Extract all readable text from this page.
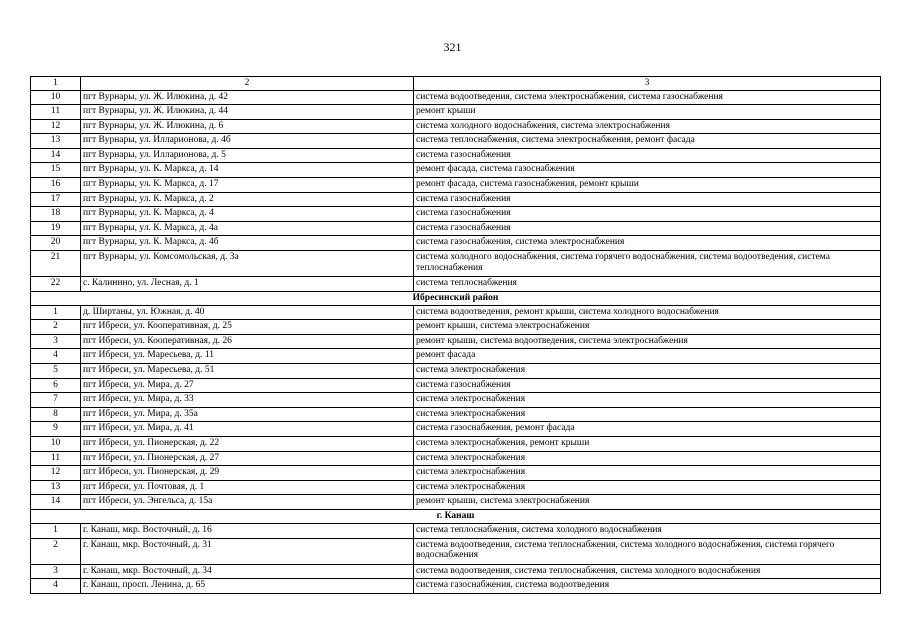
321
1	2	3
10	пгт Вурнары, ул. Ж. Илюкина, д. 42	система водоотведения, система электроснабжения, система газоснабжения
11	пгт Вурнары, ул. Ж. Илюкина, д. 44	ремонт крыши
12	пгт Вурнары, ул. Ж. Илюкина, д. 6	система холодного водоснабжения, система электроснабжения
13	пгт Вурнары, ул. Илларионова, д. 4б	система теплоснабжения, система электроснабжения, ремонт фасада
14	пгт Вурнары, ул. Илларионова, д. 5	система газоснабжения
15	пгт Вурнары, ул. К. Маркса, д. 14	ремонт фасада, система газоснабжения
16	пгт Вурнары, ул. К. Маркса, д. 17	ремонт фасада, система газоснабжения, ремонт крыши
17	пгт Вурнары, ул. К. Маркса, д. 2	система газоснабжения
18	пгт Вурнары, ул. К. Маркса, д. 4	система газоснабжения
19	пгт Вурнары, ул. К. Маркса, д. 4а	система газоснабжения
20	пгт Вурнары, ул. К. Маркса, д. 4б	система газоснабжения, система электроснабжения
21	пгт Вурнары, ул. Комсомольская, д. 3а	система холодного водоснабжения, система горячего водоснабжения, система водоотведения, система теплоснабжения
22	с. Калинино, ул. Лесная, д. 1	система теплоснабжения
Ибресинский район		
1	д. Ширтаны, ул. Южная, д. 40	система водоотведения, ремонт крыши, система холодного водоснабжения
2	пгт Ибреси, ул. Кооперативная, д. 25	ремонт крыши, система электроснабжения
3	пгт Ибреси, ул. Кооперативная, д. 26	ремонт крыши, система водоотведения, система электроснабжения
4	пгт Ибреси, ул. Маресьева, д. 11	ремонт фасада
5	пгт Ибреси, ул. Маресьева, д. 51	система электроснабжения
6	пгт Ибреси, ул. Мира, д. 27	система газоснабжения
7	пгт Ибреси, ул. Мира, д. 33	система электроснабжения
8	пгт Ибреси, ул. Мира, д. 35а	система электроснабжения
9	пгт Ибреси, ул. Мира, д. 41	система газоснабжения, ремонт фасада
10	пгт Ибреси, ул. Пионерская, д. 22	система электроснабжения, ремонт крыши
11	пгт Ибреси, ул. Пионерская, д. 27	система электроснабжения
12	пгт Ибреси, ул. Пионерская, д. 29	система электроснабжения
13	пгт Ибреси, ул. Почтовая, д. 1	система электроснабжения
14	пгт Ибреси, ул. Энгельса, д. 15а	ремонт крыши, система электроснабжения
г. Канаш		
1	г. Канаш, мкр. Восточный, д. 16	система теплоснабжения, система холодного водоснабжения
2	г. Канаш, мкр. Восточный, д. 31	система водоотведения, система теплоснабжения, система холодного водоснабжения, система горячего водоснабжения
3	г. Канаш, мкр. Восточный, д. 34	система водоотведения, система теплоснабжения, система холодного водоснабжения
4	г. Канаш, просп. Ленина, д. 65	система газоснабжения, система водоотведения
